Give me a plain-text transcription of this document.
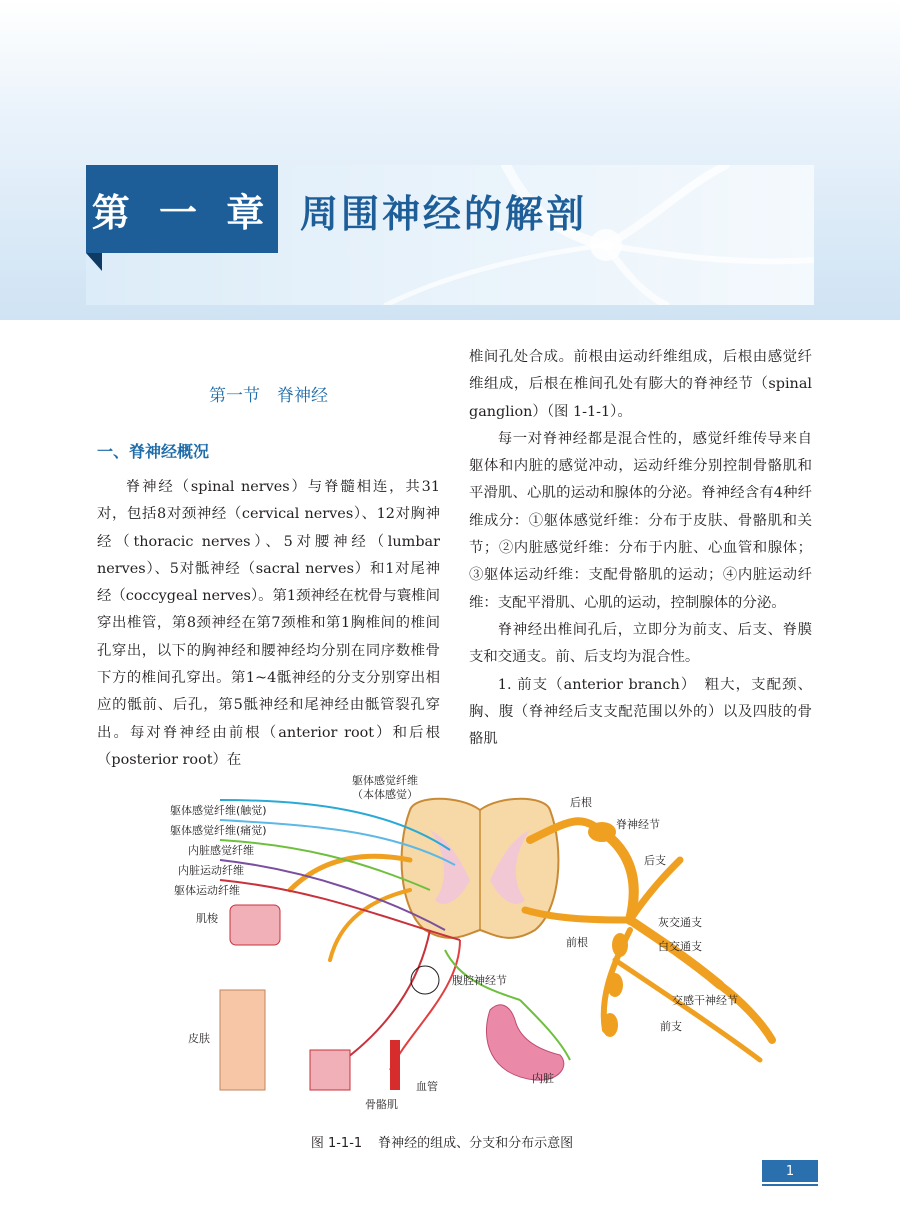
第 一 章 周围神经的解剖
第一节　脊神经
一、脊神经概况

脊神经（spinal nerves）与脊髓相连，共31对，包括8对颈神经（cervical nerves）、12对胸神经（thoracic nerves）、5对腰神经（lumbar nerves）、5对骶神经（sacral nerves）和1对尾神经（coccygeal nerves）。第1颈神经在枕骨与寰椎间穿出椎管，第8颈神经在第7颈椎和第1胸椎间的椎间孔穿出，以下的胸神经和腰神经均分别在同序数椎骨下方的椎间孔穿出。第1~4骶神经的分支分别穿出相应的骶前、后孔，第5骶神经和尾神经由骶管裂孔穿出。每对脊神经由前根（anterior root）和后根（posterior root）在

椎间孔处合成。前根由运动纤维组成，后根由感觉纤维组成，后根在椎间孔处有膨大的脊神经节（spinal ganglion）（图 1-1-1）。

每一对脊神经都是混合性的，感觉纤维传导来自躯体和内脏的感觉冲动，运动纤维分别控制骨骼肌和平滑肌、心肌的运动和腺体的分泌。脊神经含有4种纤维成分：①躯体感觉纤维：分布于皮肤、骨骼肌和关节；②内脏感觉纤维：分布于内脏、心血管和腺体；③躯体运动纤维：支配骨骼肌的运动；④内脏运动纤维：支配平滑肌、心肌的运动，控制腺体的分泌。

脊神经出椎间孔后，立即分为前支、后支、脊膜支和交通支。前、后支均为混合性。

1. 前支（anterior branch）　粗大，支配颈、胸、腹（脊神经后支支配范围以外的）以及四肢的骨骼肌

躯体感觉纤维
（本体感觉）
躯体感觉纤维(触觉)
躯体感觉纤维(痛觉)
内脏感觉纤维
内脏运动纤维
躯体运动纤维
肌梭
皮肤
骨骼肌
血管
腹腔神经节
内脏
后根
脊神经节
后支
灰交通支
白交通支
前根
交感干神经节
前支
图 1-1-1 脊神经的组成、分支和分布示意图
1
